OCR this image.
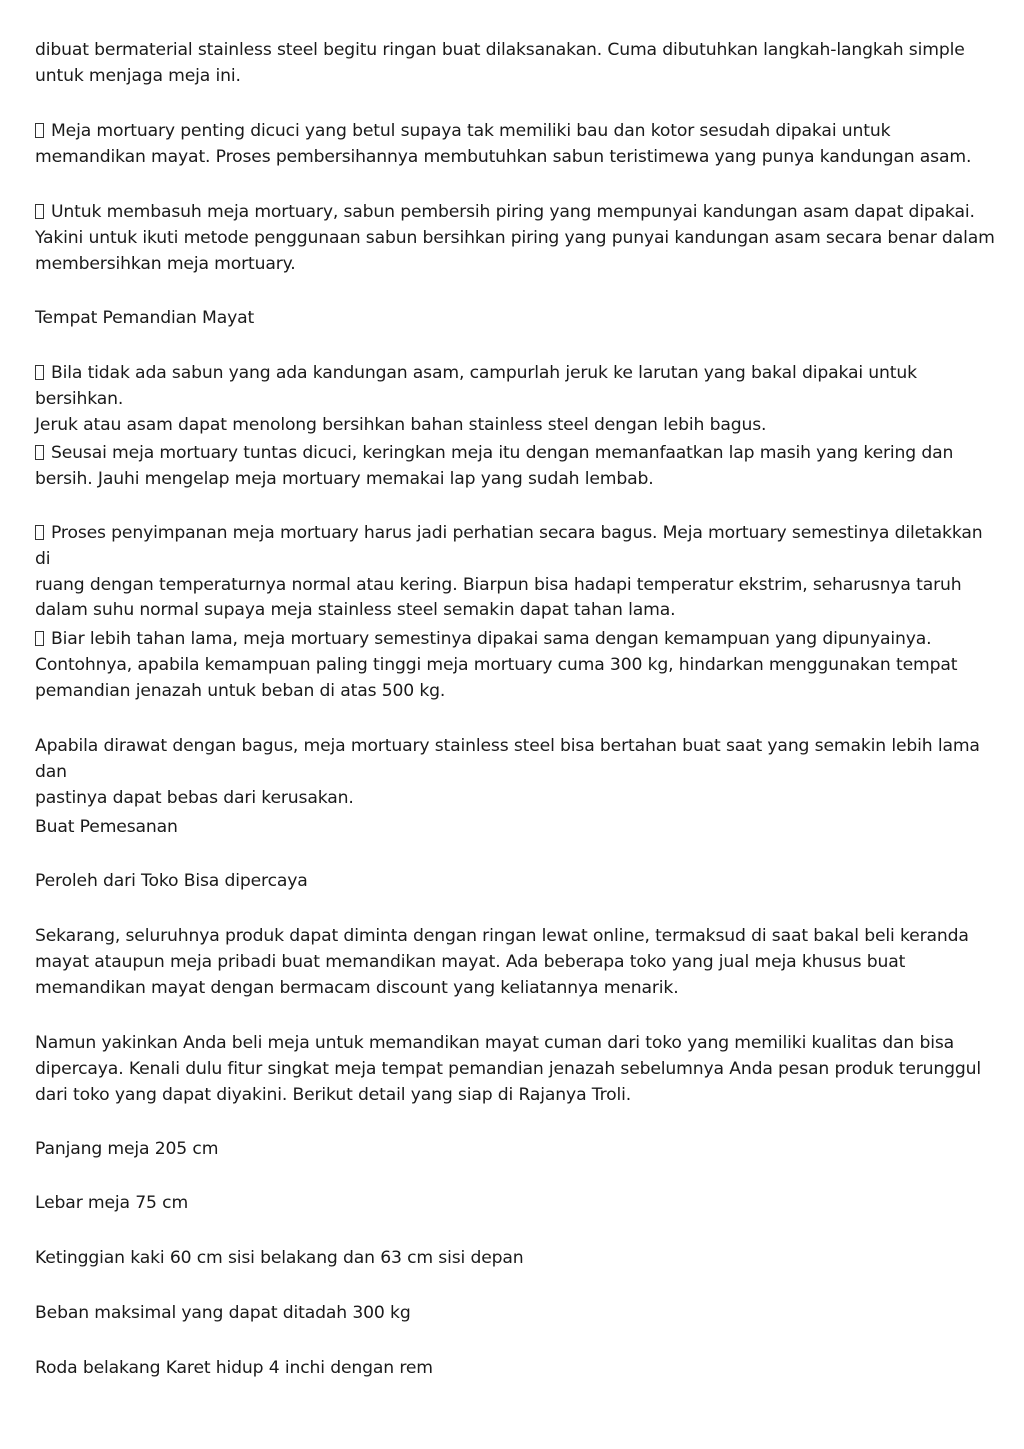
dibuat bermaterial stainless steel begitu ringan buat dilaksanakan. Cuma dibutuhkan langkah-langkah simple
untuk menjaga meja ini.

Meja mortuary penting dicuci yang betul supaya tak memiliki bau dan kotor sesudah dipakai untuk
memandikan mayat. Proses pembersihannya membutuhkan sabun teristimewa yang punya kandungan asam.

Untuk membasuh meja mortuary, sabun pembersih piring yang mempunyai kandungan asam dapat dipakai.
Yakini untuk ikuti metode penggunaan sabun bersihkan piring yang punyai kandungan asam secara benar dalam
membersihkan meja mortuary.

Tempat Pemandian Mayat

Bila tidak ada sabun yang ada kandungan asam, campurlah jeruk ke larutan yang bakal dipakai untuk bersihkan.
Jeruk atau asam dapat menolong bersihkan bahan stainless steel dengan lebih bagus.

Seusai meja mortuary tuntas dicuci, keringkan meja itu dengan memanfaatkan lap masih yang kering dan
bersih. Jauhi mengelap meja mortuary memakai lap yang sudah lembab.

Proses penyimpanan meja mortuary harus jadi perhatian secara bagus. Meja mortuary semestinya diletakkan di
ruang dengan temperaturnya normal atau kering. Biarpun bisa hadapi temperatur ekstrim, seharusnya taruh
dalam suhu normal supaya meja stainless steel semakin dapat tahan lama.

Biar lebih tahan lama, meja mortuary semestinya dipakai sama dengan kemampuan yang dipunyainya.
Contohnya, apabila kemampuan paling tinggi meja mortuary cuma 300 kg, hindarkan menggunakan tempat
pemandian jenazah untuk beban di atas 500 kg.

Apabila dirawat dengan bagus, meja mortuary stainless steel bisa bertahan buat saat yang semakin lebih lama dan
pastinya dapat bebas dari kerusakan.

Buat Pemesanan

Peroleh dari Toko Bisa dipercaya

Sekarang, seluruhnya produk dapat diminta dengan ringan lewat online, termaksud di saat bakal beli keranda
mayat ataupun meja pribadi buat memandikan mayat. Ada beberapa toko yang jual meja khusus buat
memandikan mayat dengan bermacam discount yang keliatannya menarik.

Namun yakinkan Anda beli meja untuk memandikan mayat cuman dari toko yang memiliki kualitas dan bisa
dipercaya. Kenali dulu fitur singkat meja tempat pemandian jenazah sebelumnya Anda pesan produk terunggul
dari toko yang dapat diyakini. Berikut detail yang siap di Rajanya Troli.

Panjang meja 205 cm

Lebar meja 75 cm

Ketinggian kaki 60 cm sisi belakang dan 63 cm sisi depan

Beban maksimal yang dapat ditadah 300 kg

Roda belakang Karet hidup 4 inchi dengan rem
